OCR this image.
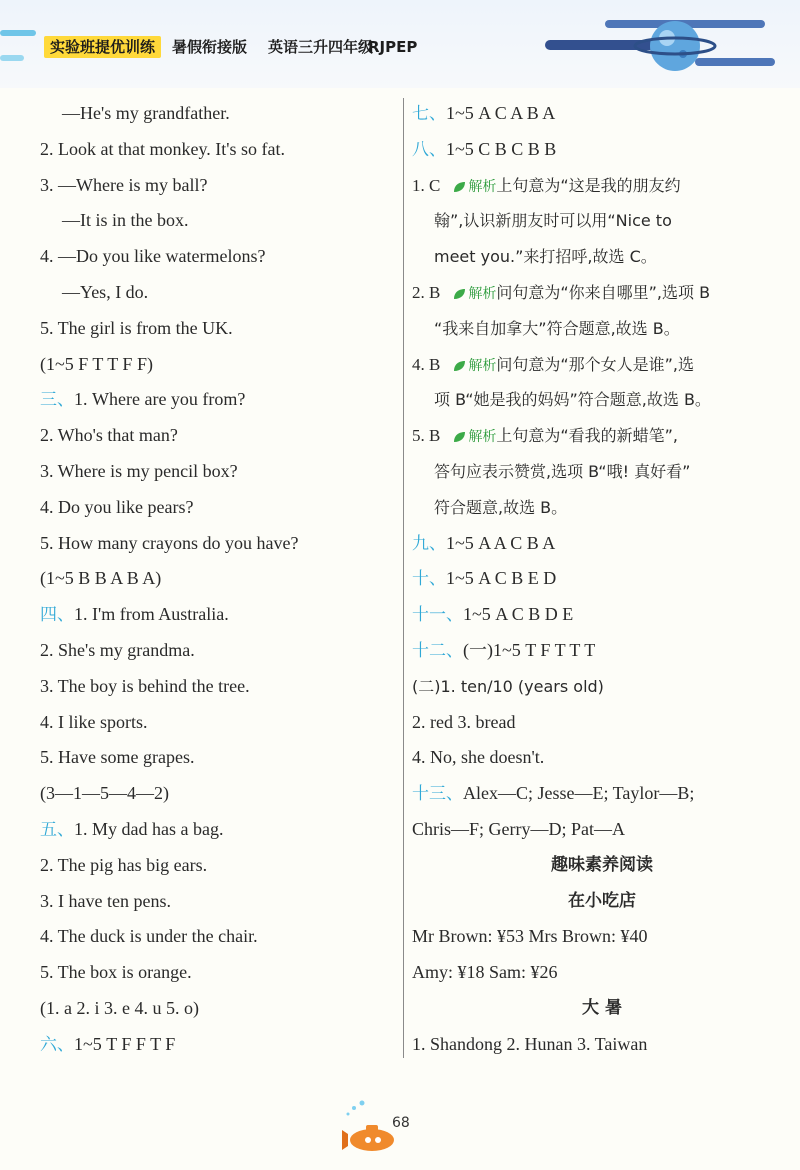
实验班提优训练	暑假衔接版 英语三升四年级
RJPEP
—He's my grandfather.
2. Look at that monkey. It's so fat.
3. —Where is my ball?
—It is in the box.
4. —Do you like watermelons?
—Yes, I do.
5. The girl is from the UK.
(1~5 F T T F F)
三、1. Where are you from?
2. Who's that man?
3. Where is my pencil box?
4. Do you like pears?
5. How many crayons do you have?
(1~5 B B A B A)
四、1. I'm from Australia.
2. She's my grandma.
3. The boy is behind the tree.
4. I like sports.
5. Have some grapes.
(3—1—5—4—2)
五、1. My dad has a bag.
2. The pig has big ears.
3. I have ten pens.
4. The duck is under the chair.
5. The box is orange.
(1. a 2. i 3. e 4. u 5. o)
六、1~5 T F F T F
七、1~5 A C A B A
八、1~5 C B C B B
1. C 解析上句意为“这是我的朋友约
翰”,认识新朋友时可以用“Nice to
meet you.”来打招呼,故选 C。
2. B 解析问句意为“你来自哪里”,选项 B
“我来自加拿大”符合题意,故选 B。
4. B 解析问句意为“那个女人是谁”,选
项 B“她是我的妈妈”符合题意,故选 B。
5. B 解析上句意为“看我的新蜡笔”,
答句应表示赞赏,选项 B“哦! 真好看”
符合题意,故选 B。
九、1~5 A A C B A
十、1~5 A C B E D
十一、1~5 A C B D E
十二、(一)1~5 T F T T T
(二)1. ten/10 (years old)
2. red 3. bread
4. No, she doesn't.
十三、Alex—C; Jesse—E; Taylor—B;
Chris—F; Gerry—D; Pat—A
趣味素养阅读
在小吃店
Mr Brown: ¥53 Mrs Brown: ¥40
Amy: ¥18 Sam: ¥26
大 暑
1. Shandong 2. Hunan 3. Taiwan
68
